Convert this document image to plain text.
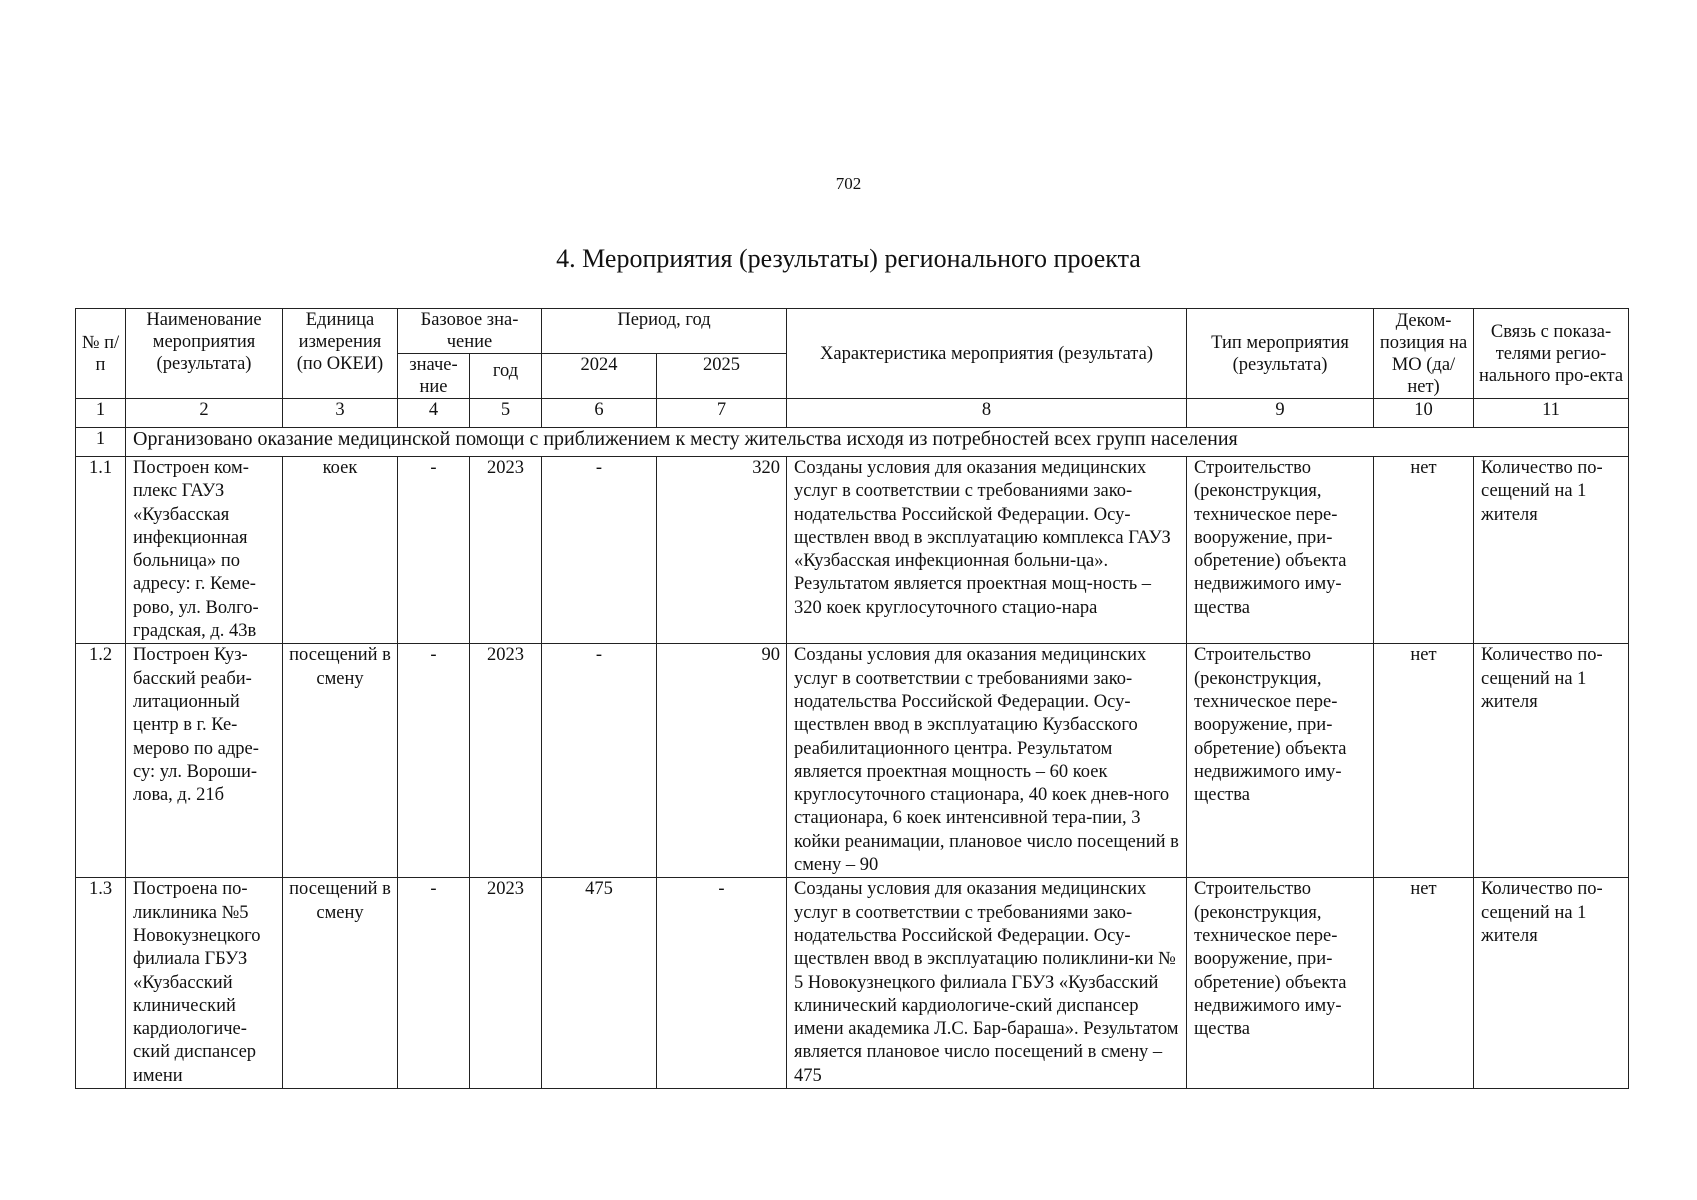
702
4. Мероприятия (результаты) регионального проекта
№ п/п	Наименование мероприятия (результата)	Единица измерения (по ОКЕИ)	Базовое зна-чение		Период, год		Характеристика мероприятия (результата)	Тип мероприятия (результата)	Деком-позиция на МО (да/нет)	Связь с показа-телями регио-нального про-екта
			значе-ние	год	2024	2025				

1	2	3	4	5	6	7	8	9	10	11
1	Организовано оказание медицинской помощи с приближением к месту жительства исходя из потребностей всех групп населения									
1.1	Построен ком-плекс ГАУЗ «Кузбасская инфекционная больница» по адресу: г. Кеме-рово, ул. Волго-градская, д. 43в	коек	-	2023	-	320	Созданы условия для оказания медицинских услуг в соответствии с требованиями зако-нодательства Российской Федерации. Осу-ществлен ввод в эксплуатацию комплекса ГАУЗ «Кузбасская инфекционная больни-ца». Результатом является проектная мощ-ность – 320 коек круглосуточного стацио-нара	Строительство (реконструкция, техническое пере-вооружение, при-обретение) объекта недвижимого иму-щества	нет	Количество по-сещений на 1 жителя
1.2	Построен Куз-басский реаби-литационный центр в г. Ке-мерово по адре-су: ул. Вороши-лова, д. 21б	посещений в смену	-	2023	-	90	Созданы условия для оказания медицинских услуг в соответствии с требованиями зако-нодательства Российской Федерации. Осу-ществлен ввод в эксплуатацию Кузбасского реабилитационного центра. Результатом является проектная мощность – 60 коек круглосуточного стационара, 40 коек днев-ного стационара, 6 коек интенсивной тера-пии, 3 койки реанимации, плановое число посещений в смену – 90	Строительство (реконструкция, техническое пере-вооружение, при-обретение) объекта недвижимого иму-щества	нет	Количество по-сещений на 1 жителя
1.3	Построена по-ликлиника №5 Новокузнецкого филиала ГБУЗ «Кузбасский клинический кардиологиче-ский диспансер имени	посещений в смену	-	2023	475	-	Созданы условия для оказания медицинских услуг в соответствии с требованиями зако-нодательства Российской Федерации. Осу-ществлен ввод в эксплуатацию поликлини-ки № 5 Новокузнецкого филиала ГБУЗ «Кузбасский клинический кардиологиче-ский диспансер имени академика Л.С. Бар-бараша». Результатом является плановое число посещений в смену – 475	Строительство (реконструкция, техническое пере-вооружение, при-обретение) объекта недвижимого иму-щества	нет	Количество по-сещений на 1 жителя
